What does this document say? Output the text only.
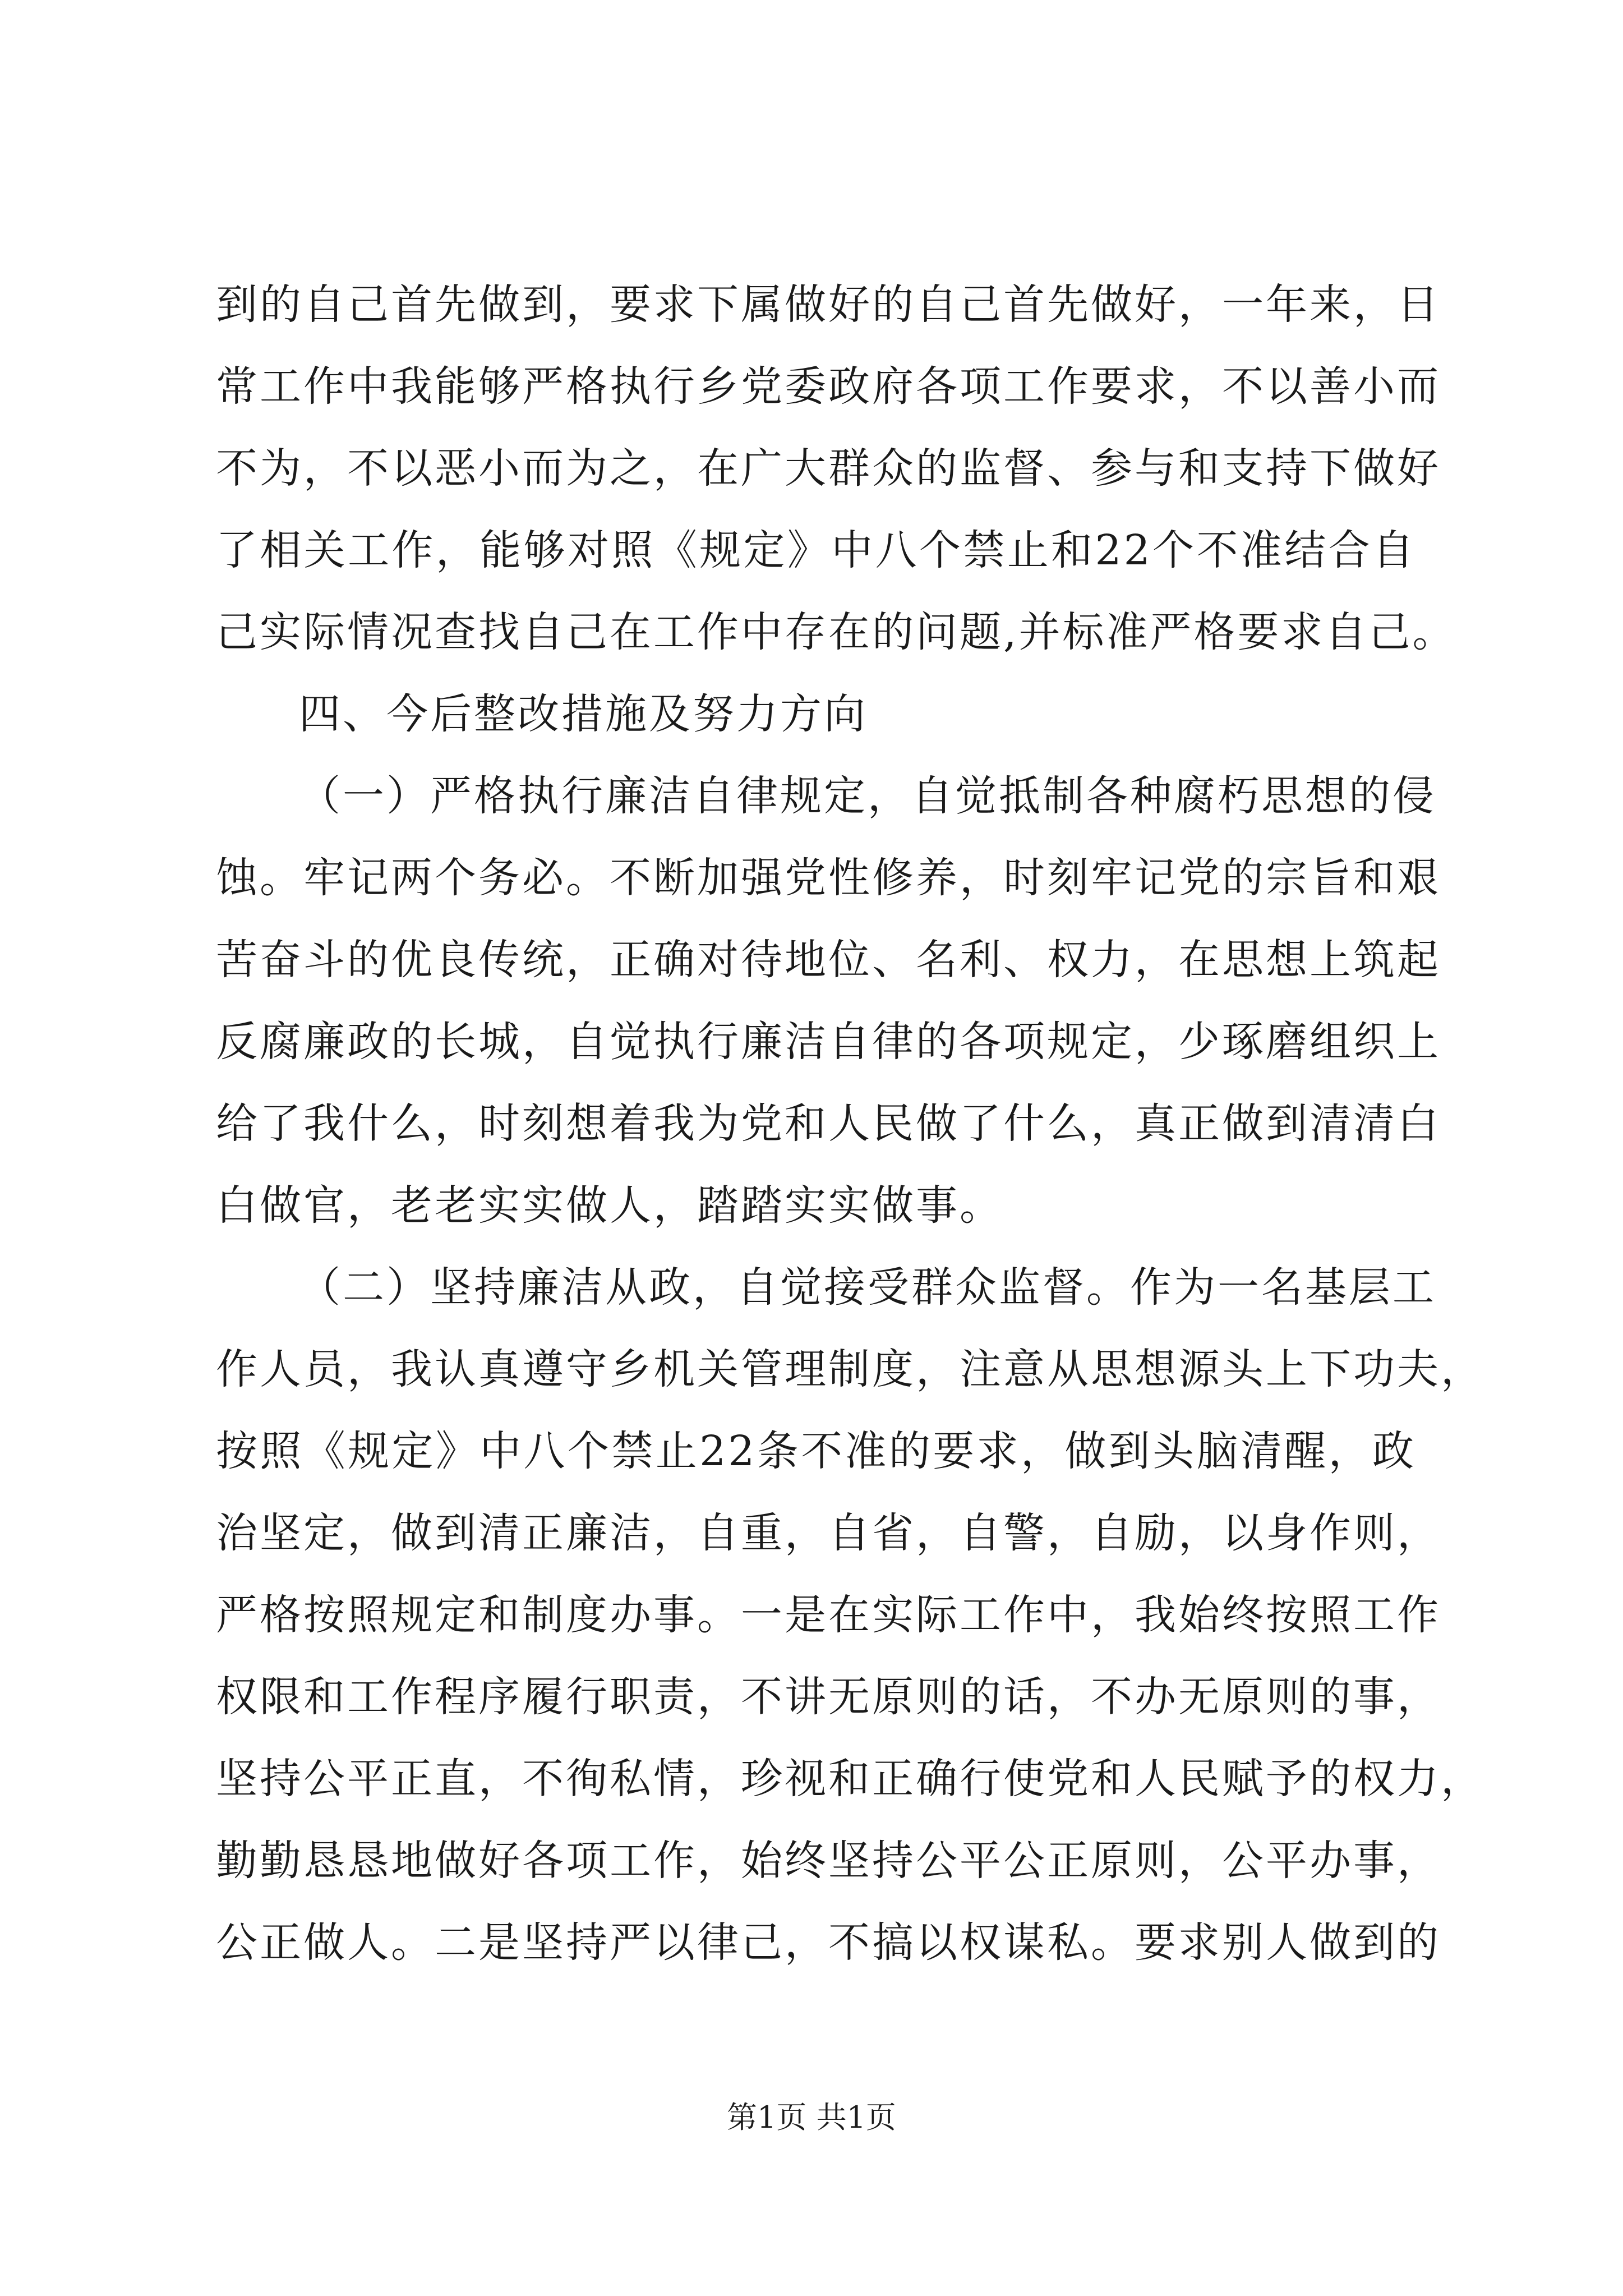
到的自己首先做到，要求下属做好的自己首先做好，一年来，日
常工作中我能够严格执行乡党委政府各项工作要求，不以善小而
不为，不以恶小而为之，在广大群众的监督、参与和支持下做好
了相关工作，能够对照《规定》中八个禁止和22个不准结合自
己实际情况查找自己在工作中存在的问题,并标准严格要求自己。
四、今后整改措施及努力方向
（一）严格执行廉洁自律规定，自觉抵制各种腐朽思想的侵
蚀。牢记两个务必。不断加强党性修养，时刻牢记党的宗旨和艰
苦奋斗的优良传统，正确对待地位、名利、权力，在思想上筑起
反腐廉政的长城，自觉执行廉洁自律的各项规定，少琢磨组织上
给了我什么，时刻想着我为党和人民做了什么，真正做到清清白
白做官，老老实实做人，踏踏实实做事。
（二）坚持廉洁从政，自觉接受群众监督。作为一名基层工
作人员，我认真遵守乡机关管理制度，注意从思想源头上下功夫，
按照《规定》中八个禁止22条不准的要求，做到头脑清醒，政
治坚定，做到清正廉洁，自重，自省，自警，自励，以身作则，
严格按照规定和制度办事。一是在实际工作中，我始终按照工作
权限和工作程序履行职责，不讲无原则的话，不办无原则的事，
坚持公平正直，不徇私情，珍视和正确行使党和人民赋予的权力，
勤勤恳恳地做好各项工作，始终坚持公平公正原则，公平办事，
公正做人。二是坚持严以律己，不搞以权谋私。要求别人做到的
第1页 共1页
